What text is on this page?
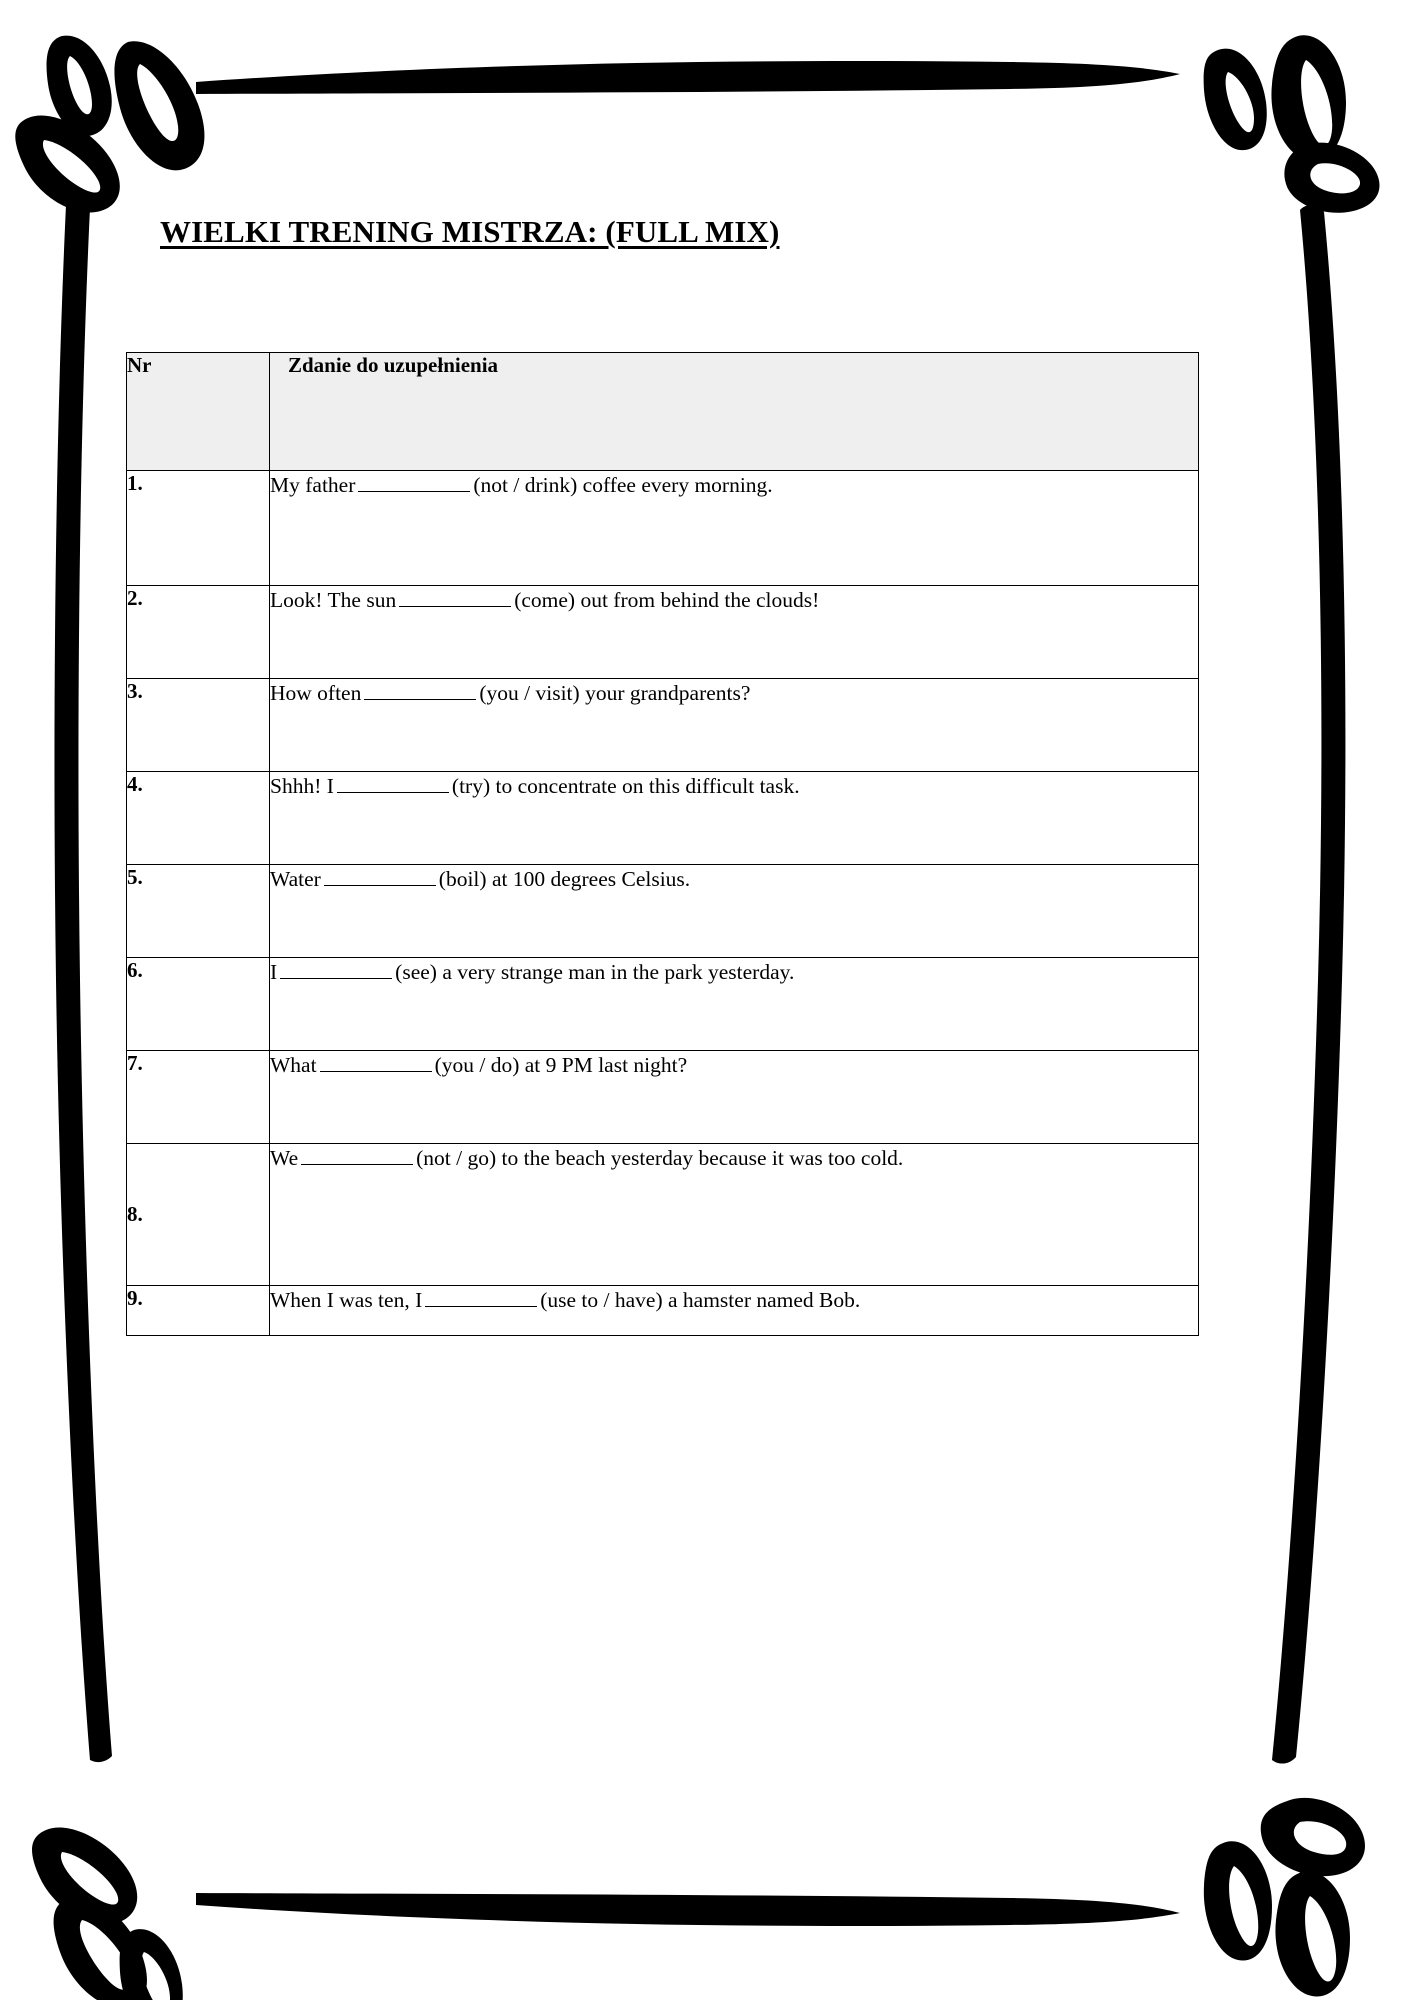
WIELKI TRENING MISTRZA: (FULL MIX)
Nr	Zdanie do uzupełnienia
1.	My father (not / drink) coffee every morning.
2.	Look! The sun (come) out from behind the clouds!
3.	How often (you / visit) your grandparents?
4.	Shhh! I (try) to concentrate on this difficult task.
5.	Water (boil) at 100 degrees Celsius.
6.	I (see) a very strange man in the park yesterday.
7.	What (you / do) at 9 PM last night?
8.	We (not / go) to the beach yesterday because it was too cold.
9.	When I was ten, I (use to / have) a hamster named Bob.
